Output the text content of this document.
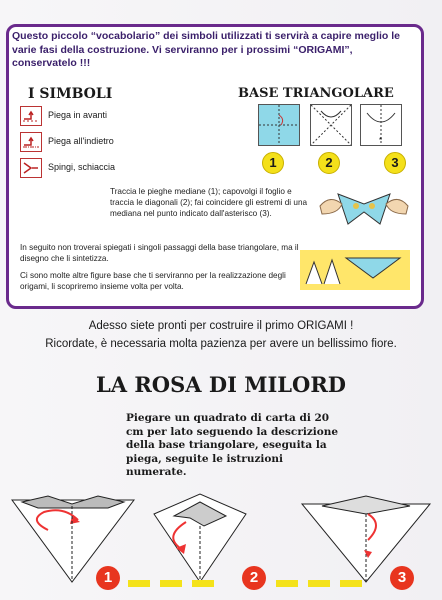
Questo piccolo “vocabolario” dei simboli utilizzati ti servirà a capire meglio le varie fasi della costruzione. Vi serviranno per i prossimi “ORIGAMI”, conservatelo !!!
I SIMBOLI	BASE TRIANGOLARE
Piega in avanti
Piega all'indietro
Spingi, schiaccia
*
1	2	3
Traccia le pieghe mediane (1); capovolgi il foglio e traccia le diagonali (2); fai coincidere gli estremi di una mediana nel punto indicato dall'asterisco (3).
In seguito non troverai spiegati i singoli passaggi della base triangolare, ma il disegno che li sintetizza.
Ci sono molte altre figure base che ti serviranno per la realizzazione degli origami, li scopriremo insieme volta per volta.
Adesso siete pronti per costruire il primo ORIGAMI !
Ricordate, è necessaria molta pazienza per avere un bellissimo fiore.
LA ROSA DI MILORD
Piegare un quadrato di carta di 20 cm per lato seguendo la descrizione della base triangolare, eseguita la piega, seguite le istruzioni numerate.
1	2	3
